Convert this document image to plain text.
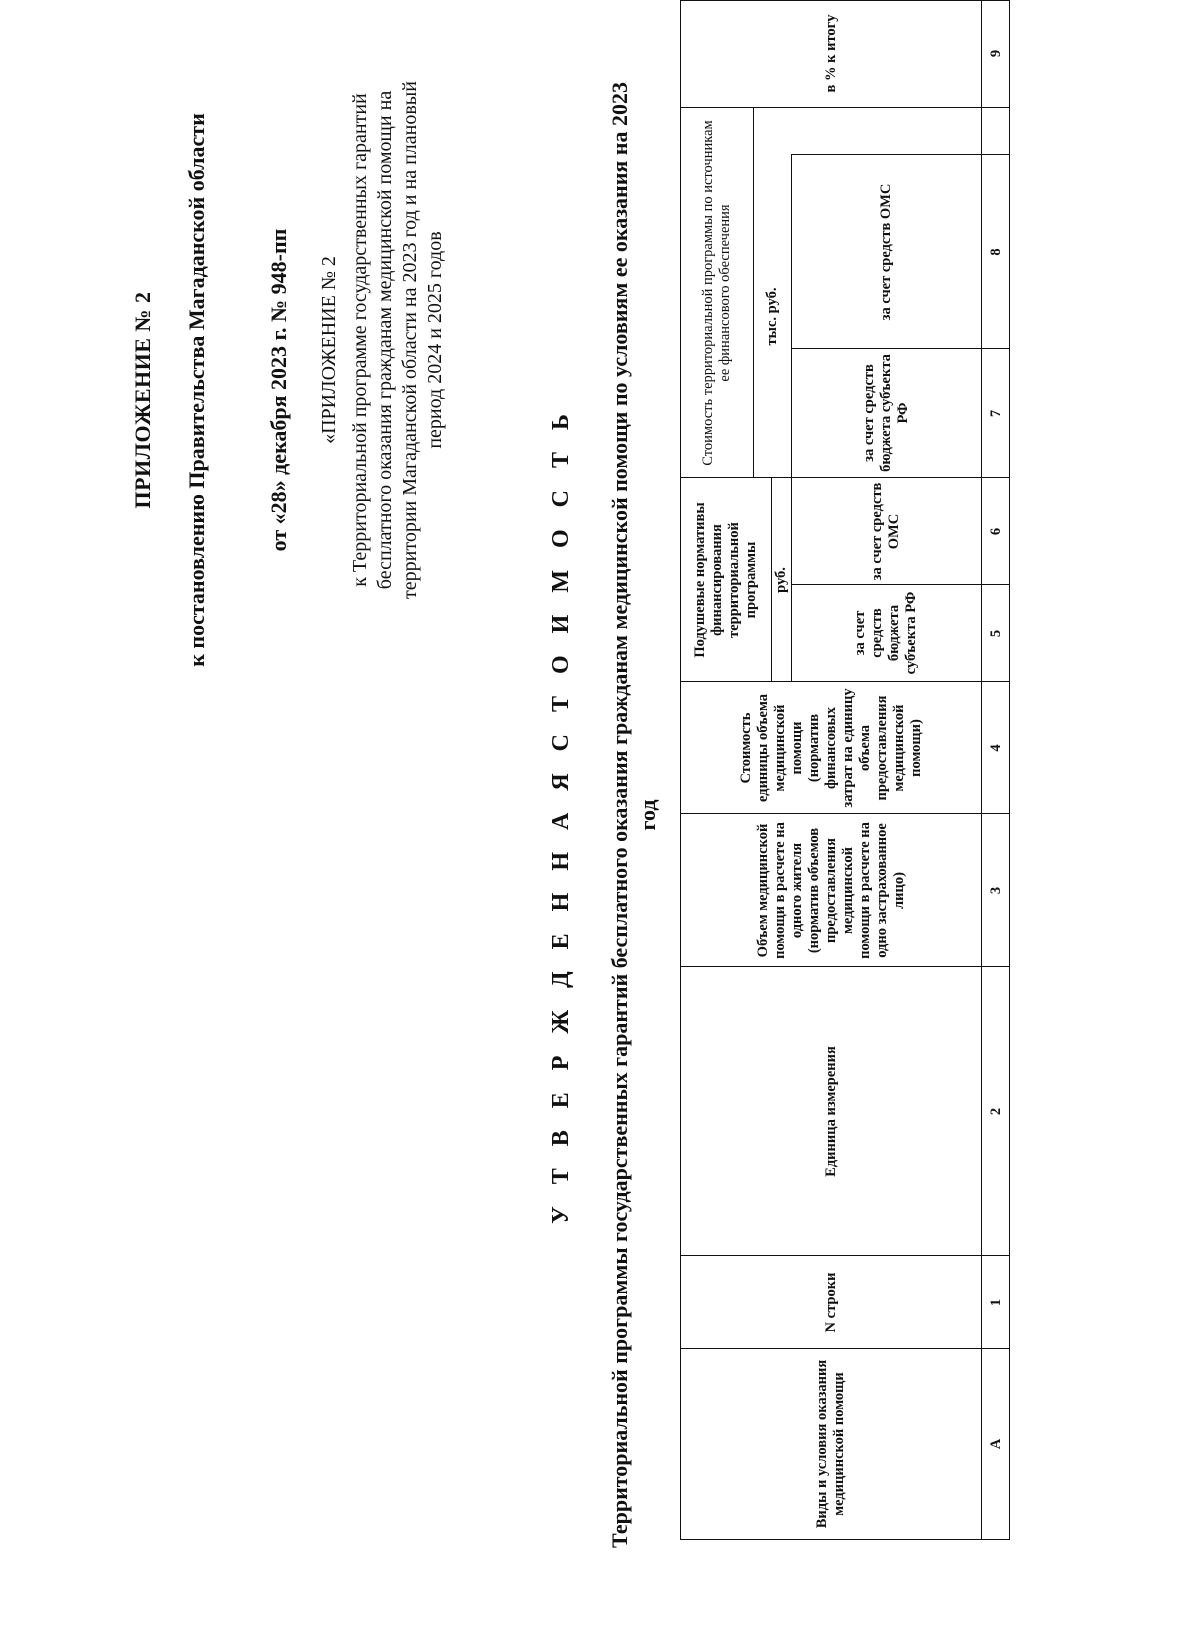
ПРИЛОЖЕНИЕ № 2 к постановлению Правительства Магаданской области	от «28» декабря 2023 г. № 948-пп «ПРИЛОЖЕНИЕ № 2 к Территориальной программе государственных гарантий бесплатного оказания гражданам медицинской помощи на территории Магаданской области на 2023 год и на плановый период 2024 и 2025 годов
У Т В Е Р Ж Д Е Н Н А Я С Т О И М О С Т Ь Территориальной программы государственных гарантий бесплатного оказания гражданам медицинской помощи по условиям ее оказания на 2023 год
Виды и условия оказания медицинской помощи
N строки
Единица измерения
Объем медицинской помощи в расчете на одного жителя (норматив объемов предоставления медицинской помощи в расчете на одно застрахованное лицо)
Стоимость единицы объема медицинской помощи (норматив финансовых затрат на единицу объема предоставления медицинской помощи)
Подушевые нормативы финансирования территориальной программы руб.
за счет средств бюджета субъекта РФ
за счет средств ОМС
Стоимость территориальной программы по источникам ее финансового обеспечения	тыс. руб.
за счет средств бюджета субъекта РФ
за счет средств ОМС
в % к итогу
А
1
2
3
4
5
6
7
8
9
